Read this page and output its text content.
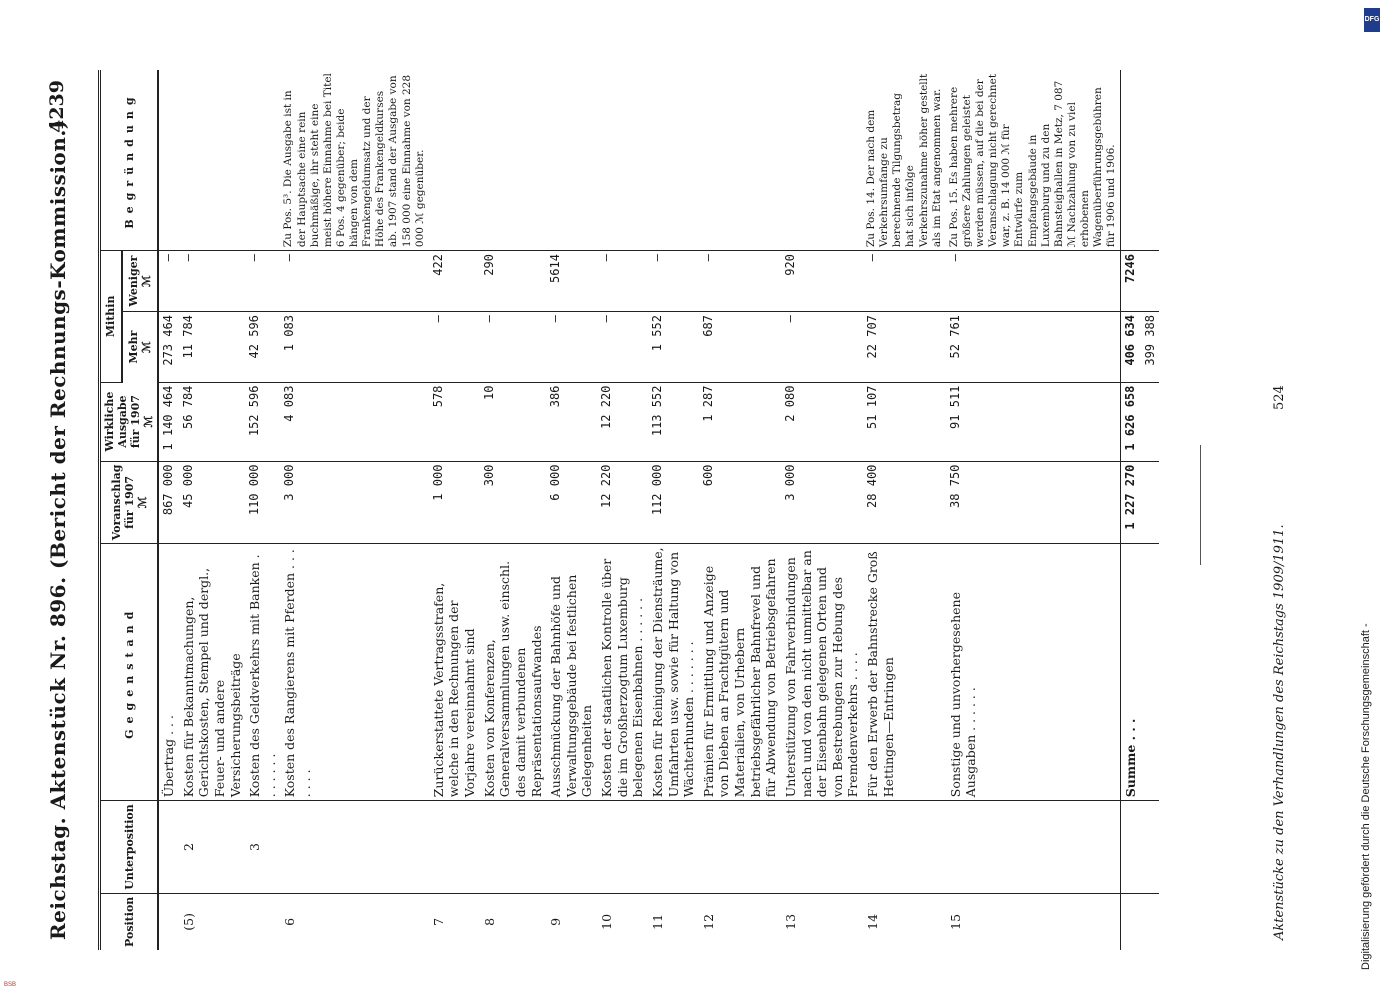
DFG
Digitalisierung gefördert durch die Deutsche Forschungsgemeinschaft -
BSB
Reichstag. Aktenstück Nr. 896. (Bericht der Rechnungs-Kommission.)
4239
Position	Unterposition	Gegenstand	Voranschlag für 1907
ℳ	Wirkliche Ausgabe für 1907
ℳ	Mithin		Begründung
					Mehr
ℳ	Weniger
ℳ	
		Übertrag . . .	867 000	1 140 464	273 464	—	
(5)	2	Kosten für Bekanntmachungen, Gerichtskosten, Stempel und dergl., Feuer- und andere Versicherungsbeiträge	45 000	56 784	11 784	—	
	3	Kosten des Geldverkehrs mit Banken . . . . . . .	110 000	152 596	42 596	—	
6		Kosten des Rangierens mit Pferden . . . . . . .	3 000	4 083	1 083	—	Zu Pos. 5³. Die Ausgabe ist in der Hauptsache eine rein buchmäßige, ihr steht eine meist höhere Einnahme bei Titel 6 Pos. 4 gegenüber; beide hängen von dem Frankengeldumsatz und der Höhe des Frankengeldkurses ab. 1907 stand der Ausgabe von 158 000 eine Einnahme von 228 000 ℳ gegenüber.
7		Zurückerstattete Vertragsstrafen, welche in den Rechnungen der Vorjahre vereinnahmt sind	1 000	578	—	422	
8		Kosten von Konferenzen, Generalversammlungen usw. einschl. des damit verbundenen Repräsentationsaufwandes	300	10	—	290	
9		Ausschmückung der Bahnhöfe und Verwaltungsgebäude bei festlichen Gelegenheiten	6 000	386	—	5614	
10		Kosten der staatlichen Kontrolle über die im Großherzogtum Luxemburg belegenen Eisenbahnen . . . . . .	12 220	12 220	—	—	
11		Kosten für Reinigung der Diensträume, Umfahrten usw. sowie für Haltung von Wächterhunden . . . . . . .	112 000	113 552	1 552	—	
12		Prämien für Ermittlung und Anzeige von Dieben an Frachtgütern und Materialien, von Urhebern betriebsgefährlicher Bahnfrevel und für Abwendung von Betriebsgefahren	600	1 287	687	—	
13		Unterstützung von Fahrverbindungen nach und von den nicht unmittelbar an der Eisenbahn gelegenen Orten und von Bestrebungen zur Hebung des Fremdenverkehrs . . . .	3 000	2 080	—	920	
14		Für den Erwerb der Bahnstrecke Groß Hettingen—Entringen	28 400	51 107	22 707	—	Zu Pos. 14. Der nach dem Verkehrsumfange zu berechnende Tilgungsbetrag hat sich infolge Verkehrszunahme höher gestellt als im Etat angenommen war.
15		Sonstige und unvorhergesehene Ausgaben . . . . . .	38 750	91 511	52 761	—	Zu Pos. 15. Es haben mehrere größere Zahlungen geleistet werden müssen, auf die bei der Veranschlagung nicht gerechnet war, z. B. 14 000 ℳ für Entwürfe zum Empfangsgebäude in Luxemburg und zu den Bahnsteighallen in Metz, 7 087 ℳ Nachzahlung von zu viel erhobenen Wagenüberführungsgebühren für 1906 und 1906.
		Summe . . .	1 227 270	1 626 658	406 634	7246	
					399 388		
Aktenstücke zu den Verhandlungen des Reichstags 1909/1911.
524
